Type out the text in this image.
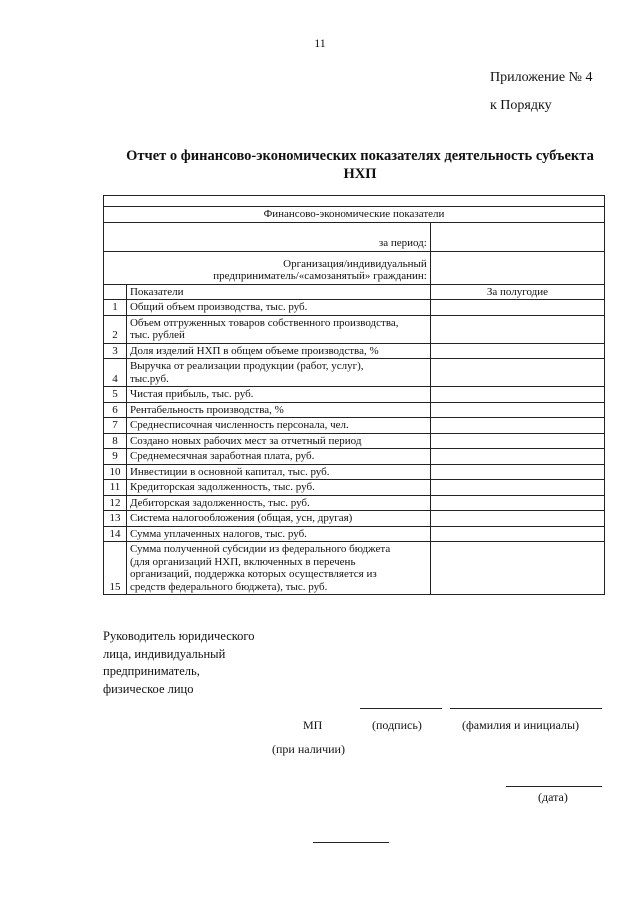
11
Приложение № 4
к Порядку
Отчет о финансово-экономических показателях деятельность субъекта
НХП

Финансово-экономические показатели		
за период:		

Организация/индивидуальный
предприниматель/«самозанятый» гражданин:		

	Показатели	За полугодие
1	Общий объем производства, тыс. руб.	

2	Объем отгруженных товаров собственного производства,
тыс. рублей	

3	Доля изделий НХП в общем объеме производства, %	

4	Выручка от реализации продукции (работ, услуг),
тыс.руб.	

5	Чистая прибыль, тыс. руб.	

6	Рентабельность производства, %	

7	Среднесписочная численность персонала, чел.	

8	Создано новых рабочих мест за отчетный период	

9	Среднемесячная заработная плата, руб.	

10	Инвестиции в основной капитал, тыс. руб.	

11	Кредиторская задолженность, тыс. руб.	

12	Дебиторская задолженность, тыс. руб.	

13	Система налогообложения (общая, усн, другая)	

14	Сумма уплаченных налогов, тыс. руб.	

15	Сумма полученной субсидии из федерального бюджета
(для организаций НХП, включенных в перечень
организаций, поддержка которых осуществляется из
средств федерального бюджета), тыс. руб.	

Руководитель юридического
лица, индивидуальный
предприниматель,
физическое лицо
МП	(подпись)	(фамилия и инициалы)
(при наличии)
(дата)
